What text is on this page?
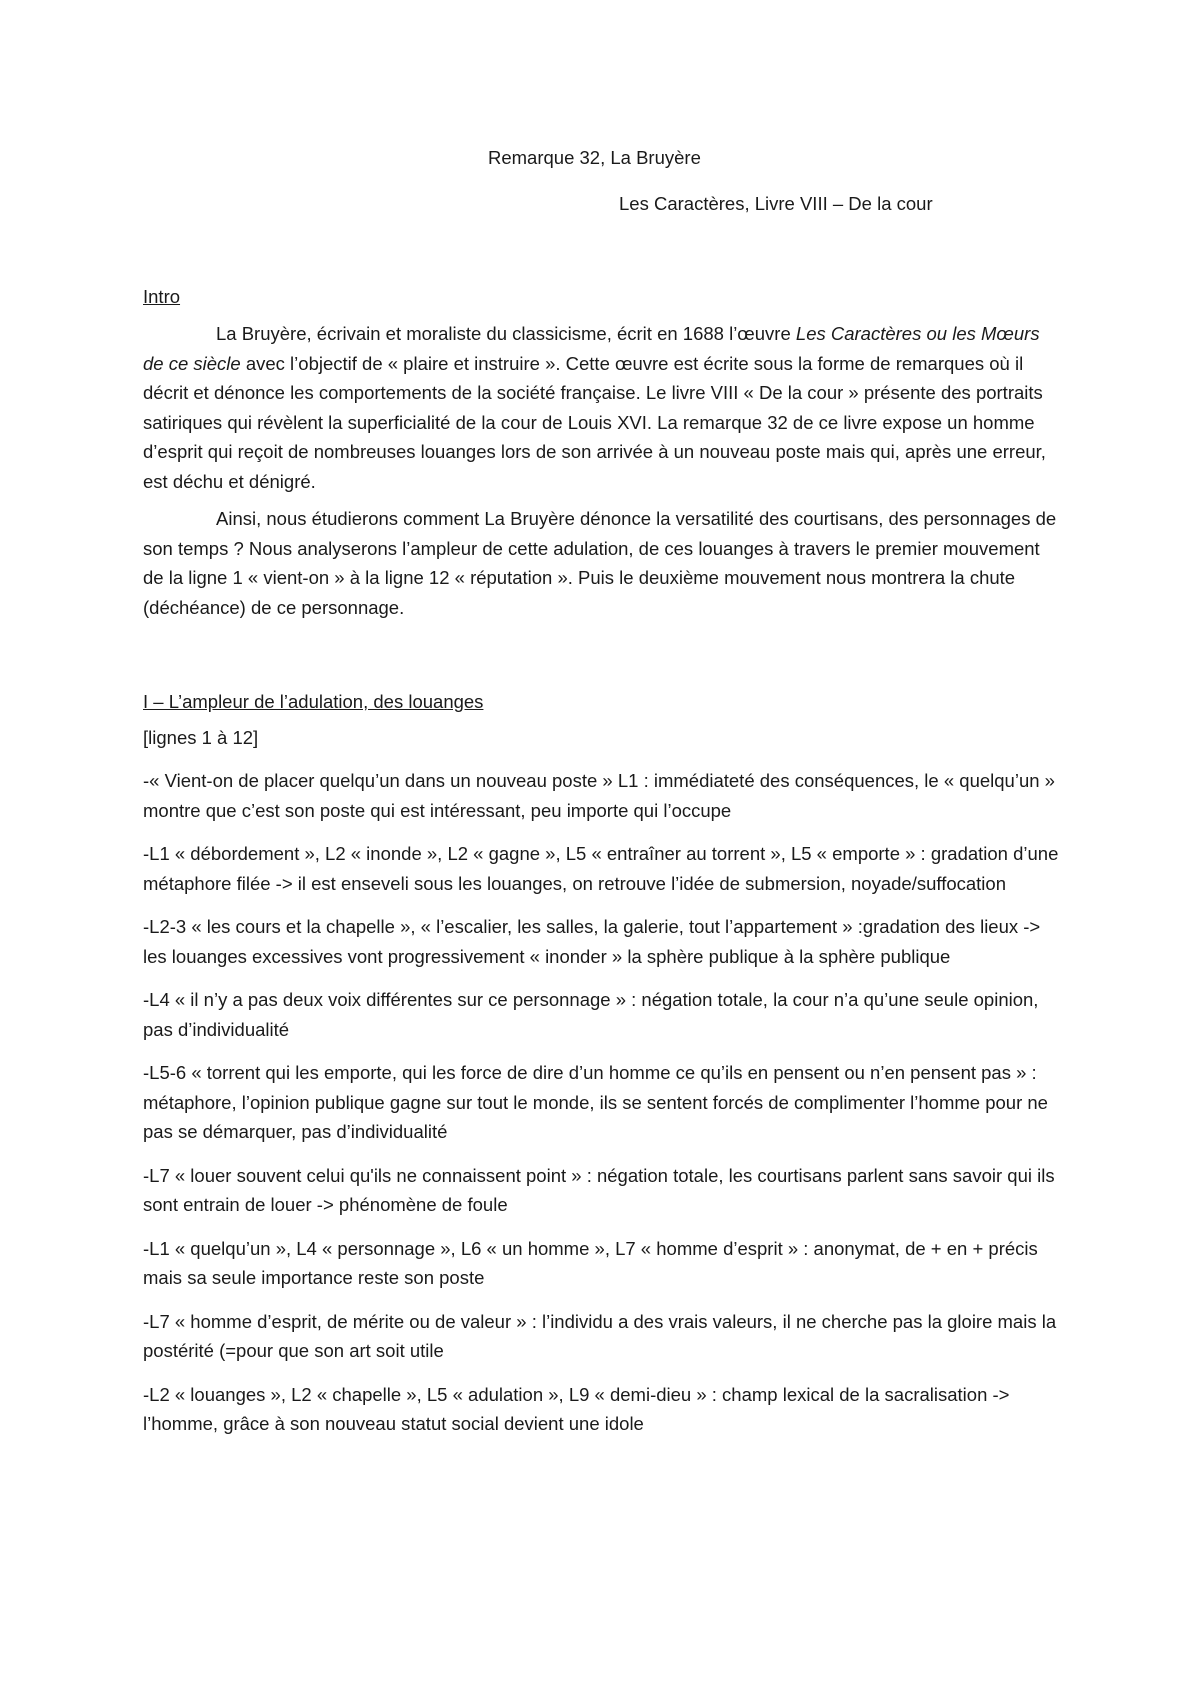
Remarque 32, La Bruyère

Les Caractères, Livre VIII – De la cour

Intro

La Bruyère, écrivain et moraliste du classicisme, écrit en 1688 l’œuvre Les Caractères ou les Mœurs de ce siècle avec l’objectif de « plaire et instruire ». Cette œuvre est écrite sous la forme de remarques où il décrit et dénonce les comportements de la société française. Le livre VIII « De la cour » présente des portraits satiriques qui révèlent la superficialité de la cour de Louis XVI. La remarque 32 de ce livre expose un homme d’esprit qui reçoit de nombreuses louanges lors de son arrivée à un nouveau poste mais qui, après une erreur, est déchu et dénigré.

Ainsi, nous étudierons comment La Bruyère dénonce la versatilité des courtisans, des personnages de son temps ? Nous analyserons l’ampleur de cette adulation, de ces louanges à travers le premier mouvement de la ligne 1 « vient-on » à la ligne 12 « réputation ». Puis le deuxième mouvement nous montrera la chute (déchéance) de ce personnage.

I – L’ampleur de l’adulation, des louanges

[lignes 1 à 12]

-« Vient-on de placer quelqu’un dans un nouveau poste » L1 : immédiateté des conséquences, le « quelqu’un » montre que c’est son poste qui est intéressant, peu importe qui l’occupe

-L1 « débordement », L2 « inonde », L2 « gagne », L5 « entraîner au torrent », L5 « emporte » : gradation d’une métaphore filée -> il est enseveli sous les louanges, on retrouve l’idée de submersion, noyade/suffocation

-L2-3 « les cours et la chapelle », « l’escalier, les salles, la galerie, tout l’appartement » :gradation des lieux -> les louanges excessives vont progressivement « inonder » la sphère publique à la sphère publique

-L4 « il n’y a pas deux voix différentes sur ce personnage » : négation totale, la cour n’a qu’une seule opinion, pas d’individualité

-L5-6 « torrent qui les emporte, qui les force de dire d’un homme ce qu’ils en pensent ou n’en pensent pas » : métaphore, l’opinion publique gagne sur tout le monde, ils se sentent forcés de complimenter l’homme pour ne pas se démarquer, pas d’individualité

-L7 « louer souvent celui qu'ils ne connaissent point » : négation totale, les courtisans parlent sans savoir qui ils sont entrain de louer -> phénomène de foule

-L1 « quelqu’un », L4 « personnage », L6 « un homme », L7 « homme d’esprit » : anonymat, de + en + précis mais sa seule importance reste son poste

-L7 « homme d’esprit, de mérite ou de valeur » : l’individu a des vrais valeurs, il ne cherche pas la gloire mais la postérité (=pour que son art soit utile

-L2 « louanges », L2 « chapelle », L5 « adulation », L9 « demi-dieu » : champ lexical de la sacralisation -> l’homme, grâce à son nouveau statut social devient une idole
